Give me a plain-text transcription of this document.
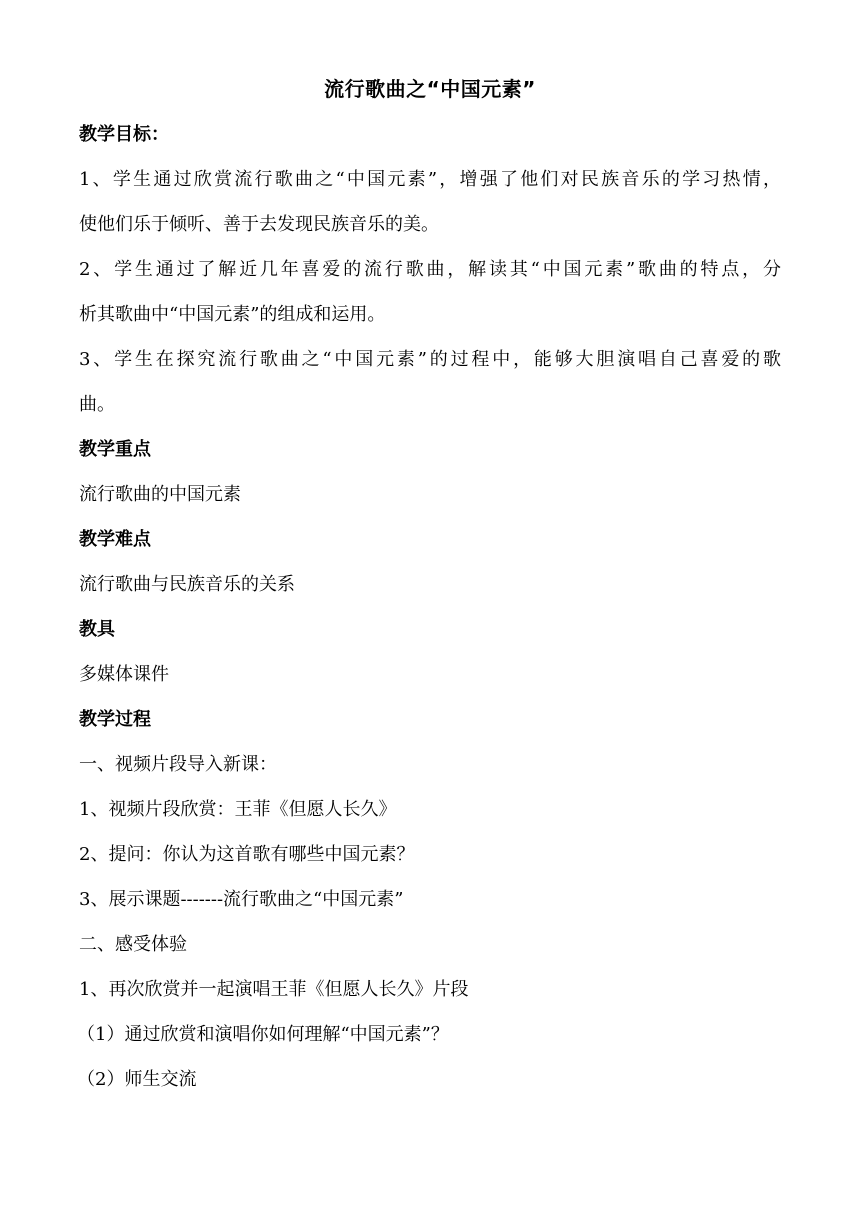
流行歌曲之“中国元素”
教学目标：
1、学生通过欣赏流行歌曲之“中国元素”，增强了他们对民族音乐的学习热情，
使他们乐于倾听、善于去发现民族音乐的美。
2、学生通过了解近几年喜爱的流行歌曲，解读其“中国元素”歌曲的特点，分
析其歌曲中“中国元素”的组成和运用。
3、学生在探究流行歌曲之“中国元素”的过程中，能够大胆演唱自己喜爱的歌
曲。
教学重点
流行歌曲的中国元素
教学难点
流行歌曲与民族音乐的关系
教具
多媒体课件
教学过程
一、视频片段导入新课：
1、视频片段欣赏：王菲《但愿人长久》
2、提问：你认为这首歌有哪些中国元素？
3、展示课题-------流行歌曲之“中国元素”
二、感受体验
1、再次欣赏并一起演唱王菲《但愿人长久》片段
（1）通过欣赏和演唱你如何理解“中国元素”？
（2）师生交流
